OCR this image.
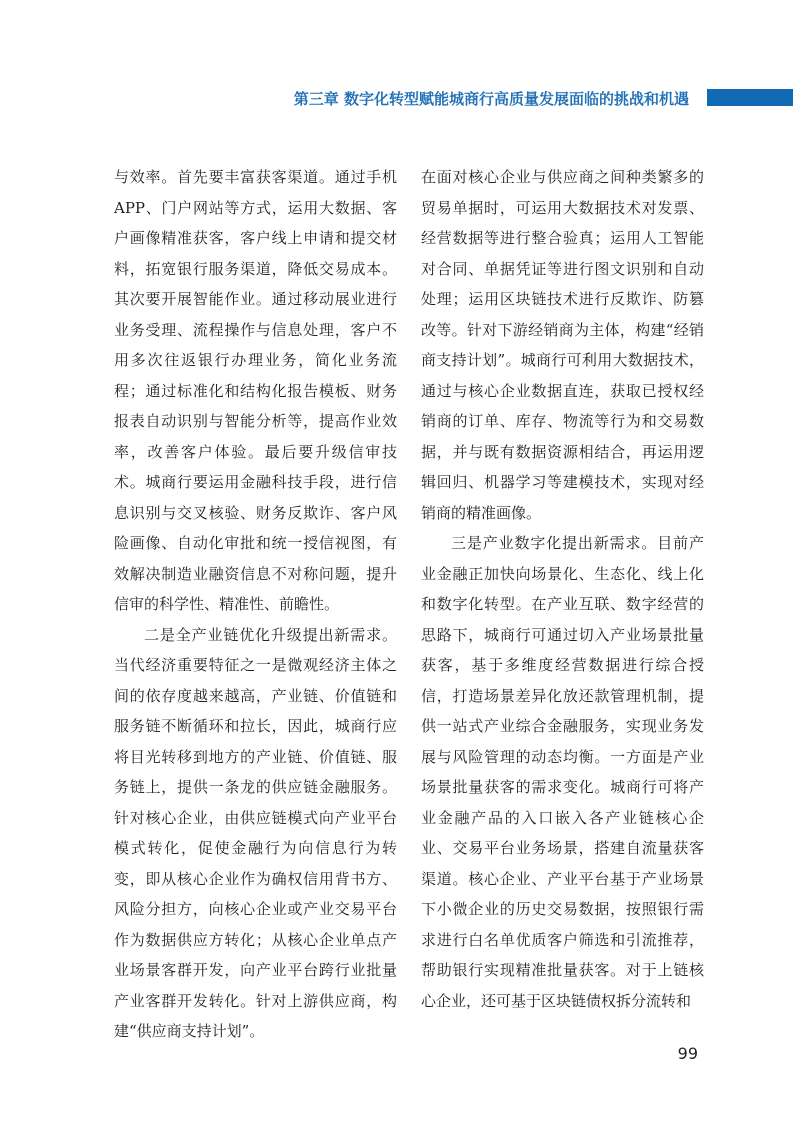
第三章 数字化转型赋能城商行高质量发展面临的挑战和机遇

与效率。首先要丰富获客渠道。通过手机APP、门户网站等方式，运用大数据、客户画像精准获客，客户线上申请和提交材料，拓宽银行服务渠道，降低交易成本。其次要开展智能作业。通过移动展业进行业务受理、流程操作与信息处理，客户不用多次往返银行办理业务，简化业务流程；通过标准化和结构化报告模板、财务报表自动识别与智能分析等，提高作业效率，改善客户体验。最后要升级信审技术。城商行要运用金融科技手段，进行信息识别与交叉核验、财务反欺诈、客户风险画像、自动化审批和统一授信视图，有效解决制造业融资信息不对称问题，提升信审的科学性、精准性、前瞻性。

二是全产业链优化升级提出新需求。当代经济重要特征之一是微观经济主体之间的依存度越来越高，产业链、价值链和服务链不断循环和拉长，因此，城商行应将目光转移到地方的产业链、价值链、服务链上，提供一条龙的供应链金融服务。针对核心企业，由供应链模式向产业平台模式转化，促使金融行为向信息行为转变，即从核心企业作为确权信用背书方、风险分担方，向核心企业或产业交易平台作为数据供应方转化；从核心企业单点产业场景客群开发，向产业平台跨行业批量产业客群开发转化。针对上游供应商，构建“供应商支持计划”。

在面对核心企业与供应商之间种类繁多的贸易单据时，可运用大数据技术对发票、经营数据等进行整合验真；运用人工智能对合同、单据凭证等进行图文识别和自动处理；运用区块链技术进行反欺诈、防篡改等。针对下游经销商为主体，构建“经销商支持计划”。城商行可利用大数据技术，通过与核心企业数据直连，获取已授权经销商的订单、库存、物流等行为和交易数据，并与既有数据资源相结合，再运用逻辑回归、机器学习等建模技术，实现对经销商的精准画像。

三是产业数字化提出新需求。目前产业金融正加快向场景化、生态化、线上化和数字化转型。在产业互联、数字经营的思路下，城商行可通过切入产业场景批量获客，基于多维度经营数据进行综合授信，打造场景差异化放还款管理机制，提供一站式产业综合金融服务，实现业务发展与风险管理的动态均衡。一方面是产业场景批量获客的需求变化。城商行可将产业金融产品的入口嵌入各产业链核心企业、交易平台业务场景，搭建自流量获客渠道。核心企业、产业平台基于产业场景下小微企业的历史交易数据，按照银行需求进行白名单优质客户筛选和引流推荐，帮助银行实现精准批量获客。对于上链核心企业，还可基于区块链债权拆分流转和

99
